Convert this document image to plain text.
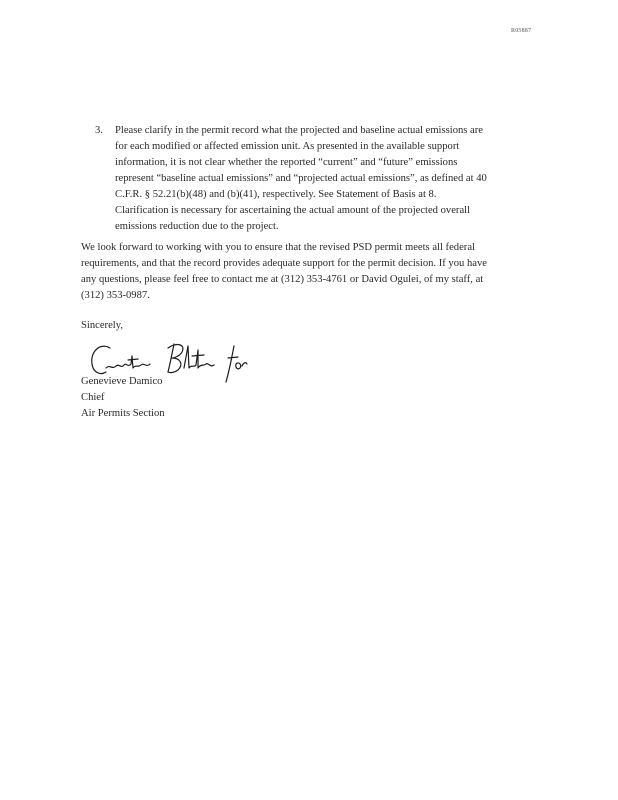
R05887
3. Please clarify in the permit record what the projected and baseline actual emissions are
for each modified or affected emission unit. As presented in the available support
information, it is not clear whether the reported “current” and “future” emissions
represent “baseline actual emissions” and “projected actual emissions”, as defined at 40
C.F.R. § 52.21(b)(48) and (b)(41), respectively. See Statement of Basis at 8.
Clarification is necessary for ascertaining the actual amount of the projected overall
emissions reduction due to the project.
We look forward to working with you to ensure that the revised PSD permit meets all federal
requirements, and that the record provides adequate support for the permit decision. If you have
any questions, please feel free to contact me at (312) 353-4761 or David Ogulei, of my staff, at
(312) 353-0987.
Sincerely,
Genevieve Damico
Chief
Air Permits Section
